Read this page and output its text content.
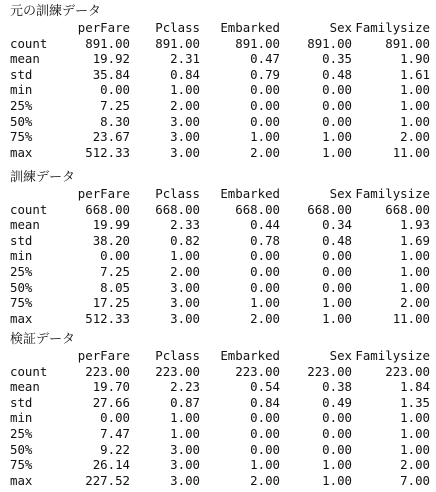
元の訓練データ
	perFare	Pclass	Embarked	Sex	Familysize
count	891.00	891.00	891.00	891.00	891.00
mean	19.92	2.31	0.47	0.35	1.90
std	35.84	0.84	0.79	0.48	1.61
min	0.00	1.00	0.00	0.00	1.00
25%	7.25	2.00	0.00	0.00	1.00
50%	8.30	3.00	0.00	0.00	1.00
75%	23.67	3.00	1.00	1.00	2.00
max	512.33	3.00	2.00	1.00	11.00
訓練データ
	perFare	Pclass	Embarked	Sex	Familysize
count	668.00	668.00	668.00	668.00	668.00
mean	19.99	2.33	0.44	0.34	1.93
std	38.20	0.82	0.78	0.48	1.69
min	0.00	1.00	0.00	0.00	1.00
25%	7.25	2.00	0.00	0.00	1.00
50%	8.05	3.00	0.00	0.00	1.00
75%	17.25	3.00	1.00	1.00	2.00
max	512.33	3.00	2.00	1.00	11.00
検証データ
	perFare	Pclass	Embarked	Sex	Familysize
count	223.00	223.00	223.00	223.00	223.00
mean	19.70	2.23	0.54	0.38	1.84
std	27.66	0.87	0.84	0.49	1.35
min	0.00	1.00	0.00	0.00	1.00
25%	7.47	1.00	0.00	0.00	1.00
50%	9.22	3.00	0.00	0.00	1.00
75%	26.14	3.00	1.00	1.00	2.00
max	227.52	3.00	2.00	1.00	7.00
